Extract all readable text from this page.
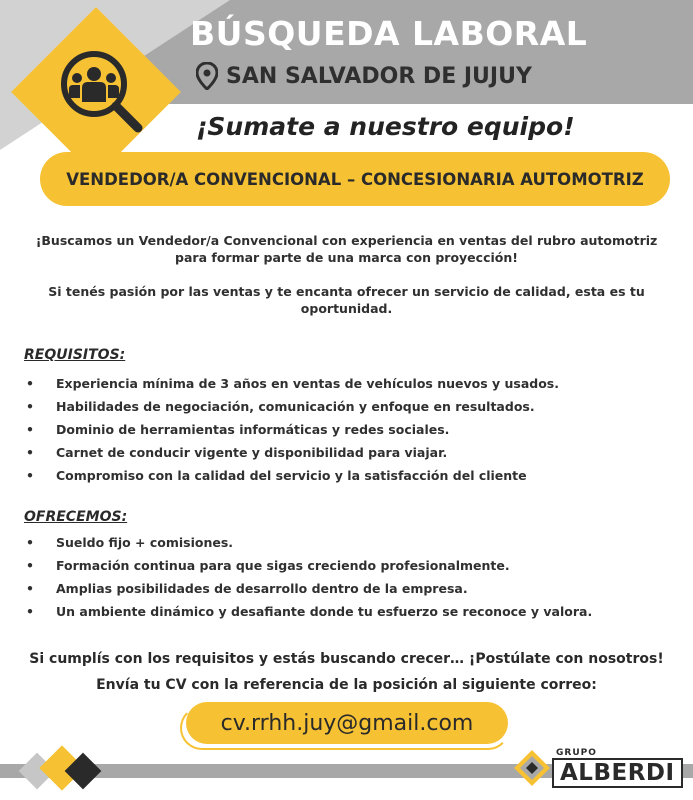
BÚSQUEDA LABORAL
SAN SALVADOR DE JUJUY
¡Sumate a nuestro equipo!
VENDEDOR/A CONVENCIONAL – CONCESIONARIA AUTOMOTRIZ

¡Buscamos un Vendedor/a Convencional con experiencia en ventas del rubro automotriz
para formar parte de una marca con proyección!

Si tenés pasión por las ventas y te encanta ofrecer un servicio de calidad, esta es tu
oportunidad.

REQUISITOS:
• Experiencia mínima de 3 años en ventas de vehículos nuevos y usados.
• Habilidades de negociación, comunicación y enfoque en resultados.
• Dominio de herramientas informáticas y redes sociales.
• Carnet de conducir vigente y disponibilidad para viajar.
• Compromiso con la calidad del servicio y la satisfacción del cliente
OFRECEMOS:
• Sueldo fijo + comisiones.
• Formación continua para que sigas creciendo profesionalmente.
• Amplias posibilidades de desarrollo dentro de la empresa.
• Un ambiente dinámico y desafiante donde tu esfuerzo se reconoce y valora.
Si cumplís con los requisitos y estás buscando crecer… ¡Postúlate con nosotros!
Envía tu CV con la referencia de la posición al siguiente correo:
cv.rrhh.juy@gmail.com
GRUPO
ALBERDI
